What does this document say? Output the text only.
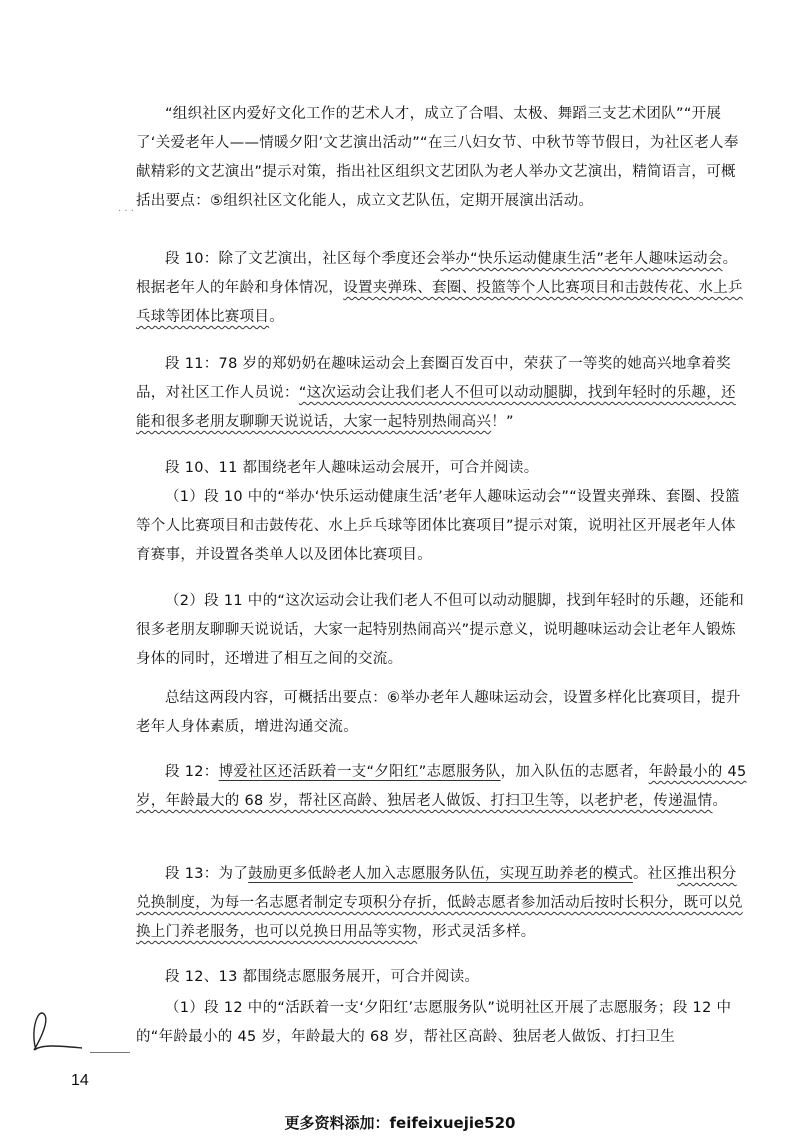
“组织社区内爱好文化工作的艺术人才，成立了合唱、太极、舞蹈三支艺术团队”“开展了‘关爱老年人——情暖夕阳’文艺演出活动”“在三八妇女节、中秋节等节假日，为社区老人奉献精彩的文艺演出”提示对策，指出社区组织文艺团队为老人举办文艺演出，精简语言，可概括出要点：⑤组织社区文化能人，成立文艺队伍，定期开展演出活动。

段 10：除了文艺演出，社区每个季度还会举办“快乐运动健康生活”老年人趣味运动会。根据老年人的年龄和身体情况，设置夹弹珠、套圈、投篮等个人比赛项目和击鼓传花、水上乒乓球等团体比赛项目。

段 11：78 岁的郑奶奶在趣味运动会上套圈百发百中，荣获了一等奖的她高兴地拿着奖品，对社区工作人员说：“这次运动会让我们老人不但可以动动腿脚，找到年轻时的乐趣，还能和很多老朋友聊聊天说说话，大家一起特别热闹高兴！”

段 10、11 都围绕老年人趣味运动会展开，可合并阅读。

（1）段 10 中的“举办‘快乐运动健康生活’老年人趣味运动会”“设置夹弹珠、套圈、投篮等个人比赛项目和击鼓传花、水上乒乓球等团体比赛项目”提示对策，说明社区开展老年人体育赛事，并设置各类单人以及团体比赛项目。

（2）段 11 中的“这次运动会让我们老人不但可以动动腿脚，找到年轻时的乐趣，还能和很多老朋友聊聊天说说话，大家一起特别热闹高兴”提示意义，说明趣味运动会让老年人锻炼身体的同时，还增进了相互之间的交流。

总结这两段内容，可概括出要点：⑥举办老年人趣味运动会，设置多样化比赛项目，提升老年人身体素质，增进沟通交流。

段 12：博爱社区还活跃着一支“夕阳红”志愿服务队，加入队伍的志愿者，年龄最小的 45 岁，年龄最大的 68 岁，帮社区高龄、独居老人做饭、打扫卫生等，以老护老，传递温情。

段 13：为了鼓励更多低龄老人加入志愿服务队伍，实现互助养老的模式。社区推出积分兑换制度，为每一名志愿者制定专项积分存折，低龄志愿者参加活动后按时长积分，既可以兑换上门养老服务，也可以兑换日用品等实物，形式灵活多样。

段 12、13 都围绕志愿服务展开，可合并阅读。

（1）段 12 中的“活跃着一支‘夕阳红’志愿服务队”说明社区开展了志愿服务；段 12 中的“年龄最小的 45 岁，年龄最大的 68 岁，帮社区高龄、独居老人做饭、打扫卫生

· · ·
14
更多资料添加：feifeixuejie520
